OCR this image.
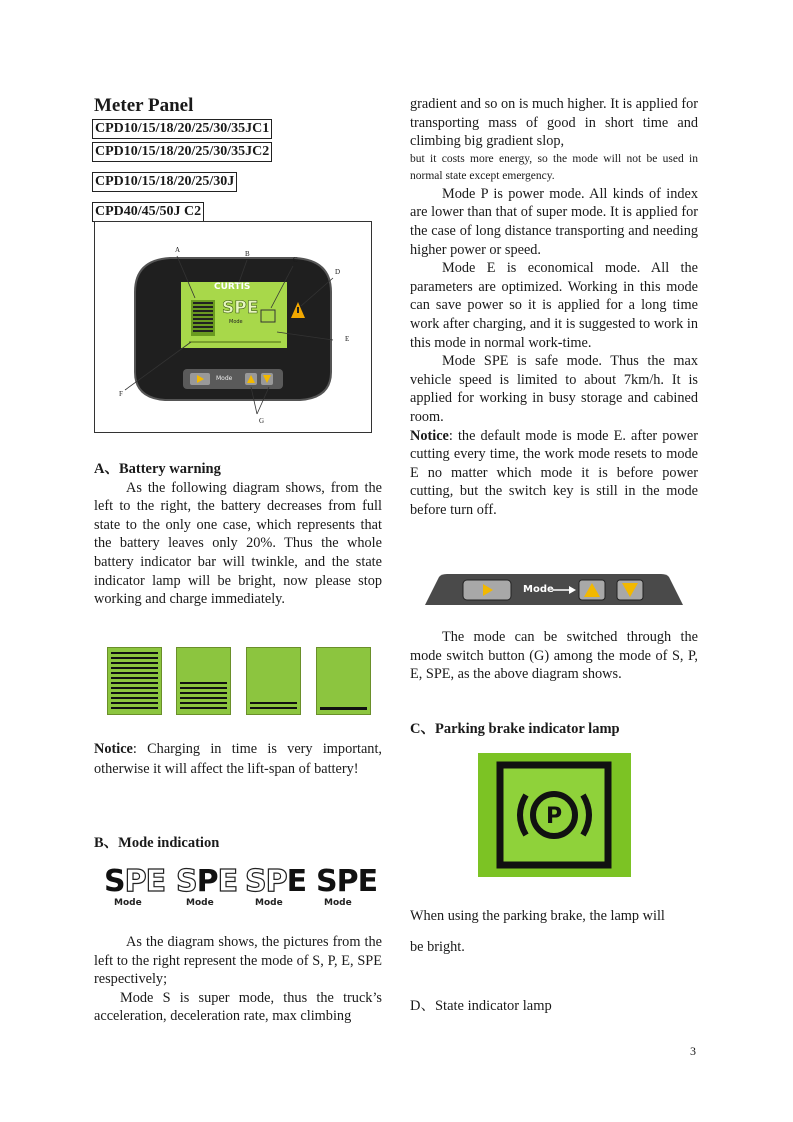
Meter Panel
CPD10/15/18/20/25/30/35JC1
CPD10/15/18/20/25/30/35JC2
CPD10/15/18/20/25/30J
CPD40/45/50J C2
A	B
C
D
E
F
G
CURTIS
SPE
Mode
Mode

A、Battery warning

As the following diagram shows, from the left to the right, the battery decreases from full state to the only one case, which represents that the battery leaves only 20%. Thus the whole battery indicator bar will twinkle, and the state indicator lamp will be bright, now please stop working and charge immediately.

Notice: Charging in time is very important, otherwise it will affect the lift-span of battery!

B、Mode indication
SPE
Mode
SPE
Mode
SPE
Mode
SPE
Mode

As the diagram shows, the pictures from the left to the right represent the mode of S, P, E, SPE respectively;

Mode S is super mode, thus the truck’s acceleration, deceleration rate, max climbing

gradient and so on is much higher. It is applied for transporting mass of good in short time and climbing big gradient slop,

but it costs more energy, so the mode will not be used in normal state except emergency.

Mode P is power mode. All kinds of index are lower than that of super mode. It is applied for the case of long distance transporting and needing higher power or speed.

Mode E is economical mode. All the parameters are optimized. Working in this mode can save power so it is applied for a long time work after charging, and it is suggested to work in this mode in normal work-time.

Mode SPE is safe mode. Thus the max vehicle speed is limited to about 7km/h. It is applied for working in busy storage and cabined room.

Notice: the default mode is mode E. after power cutting every time, the work mode resets to mode E no matter which mode it is before power cutting, but the switch key is still in the mode before turn off.

Mode

The mode can be switched through the mode switch button (G) among the mode of S, P, E, SPE, as the above diagram shows.

C、Parking brake indicator lamp
P
When using the parking brake, the lamp will
be bright.
D、State indicator lamp
3
